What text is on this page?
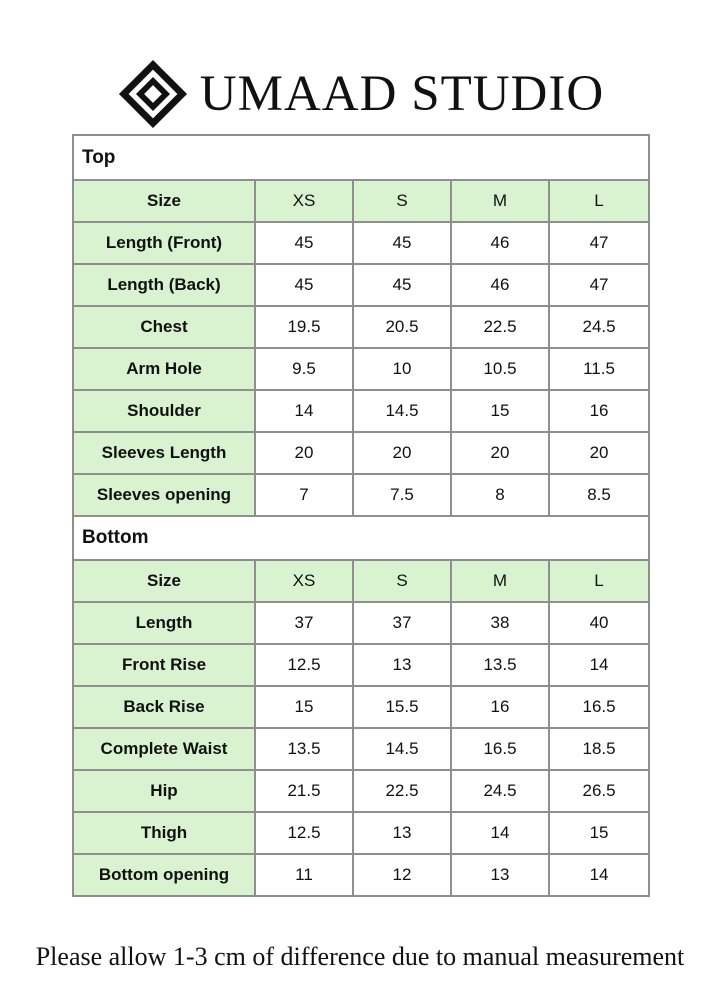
UMAAD STUDIO
Top				
Size	XS	S	M	L
Length (Front)	45	45	46	47
Length (Back)	45	45	46	47
Chest	19.5	20.5	22.5	24.5
Arm Hole	9.5	10	10.5	11.5
Shoulder	14	14.5	15	16
Sleeves Length	20	20	20	20
Sleeves opening	7	7.5	8	8.5
Bottom				
Size	XS	S	M	L
Length	37	37	38	40
Front Rise	12.5	13	13.5	14
Back Rise	15	15.5	16	16.5
Complete Waist	13.5	14.5	16.5	18.5
Hip	21.5	22.5	24.5	26.5
Thigh	12.5	13	14	15
Bottom opening	11	12	13	14
Please allow 1-3 cm of difference due to manual measurement
